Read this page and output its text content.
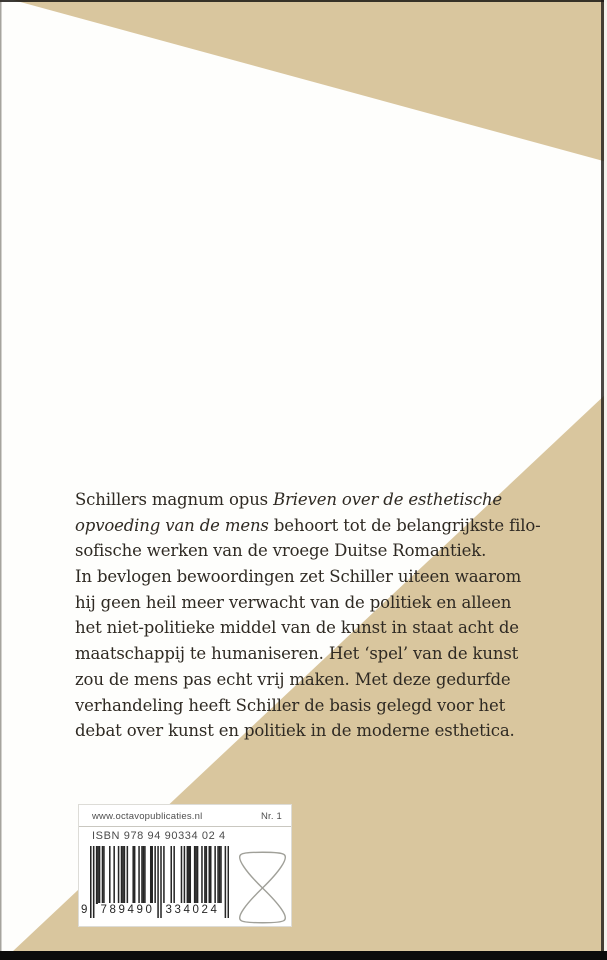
Schillers magnum opus Brieven over de esthetische
opvoeding van de mens behoort tot de belangrijkste filo-
sofische werken van de vroege Duitse Romantiek.
In bevlogen bewoordingen zet Schiller uiteen waarom
hij geen heil meer verwacht van de politiek en alleen
het niet-politieke middel van de kunst in staat acht de
maatschappij te humaniseren. Het ‘spel’ van de kunst
zou de mens pas echt vrij maken. Met deze gedurfde
verhandeling heeft Schiller de basis gelegd voor het
debat over kunst en politiek in de moderne esthetica.
www.octavopublicaties.nl	Nr. 1
ISBN 978 94 90334 02 4
9 789490 334024
